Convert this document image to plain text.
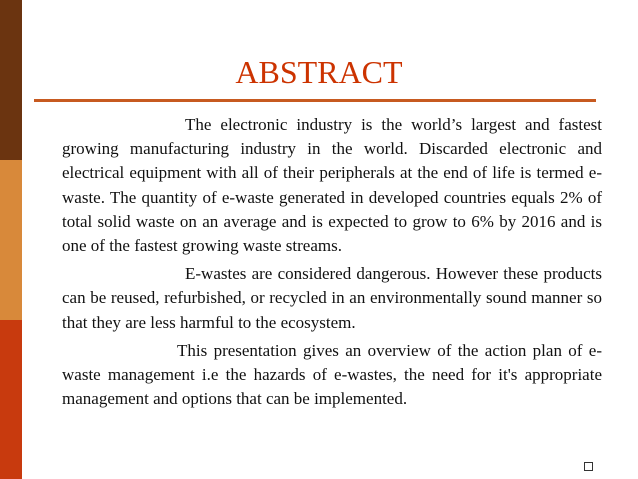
ABSTRACT

The electronic industry is the world’s largest and fastest growing manufacturing industry in the world. Discarded electronic and electrical equipment with all of their peripherals at the end of life is termed e-waste. The quantity of e-waste generated in developed countries equals 2% of total solid waste on an average and is expected to grow to 6% by 2016 and is one of the fastest growing waste streams.

E-wastes are considered dangerous. However these products can be reused, refurbished, or recycled in an environmentally sound manner so that they are less harmful to the ecosystem.

This presentation gives an overview of the action plan of e-waste management i.e the hazards of e-wastes, the need for it's appropriate management and options that can be implemented.
